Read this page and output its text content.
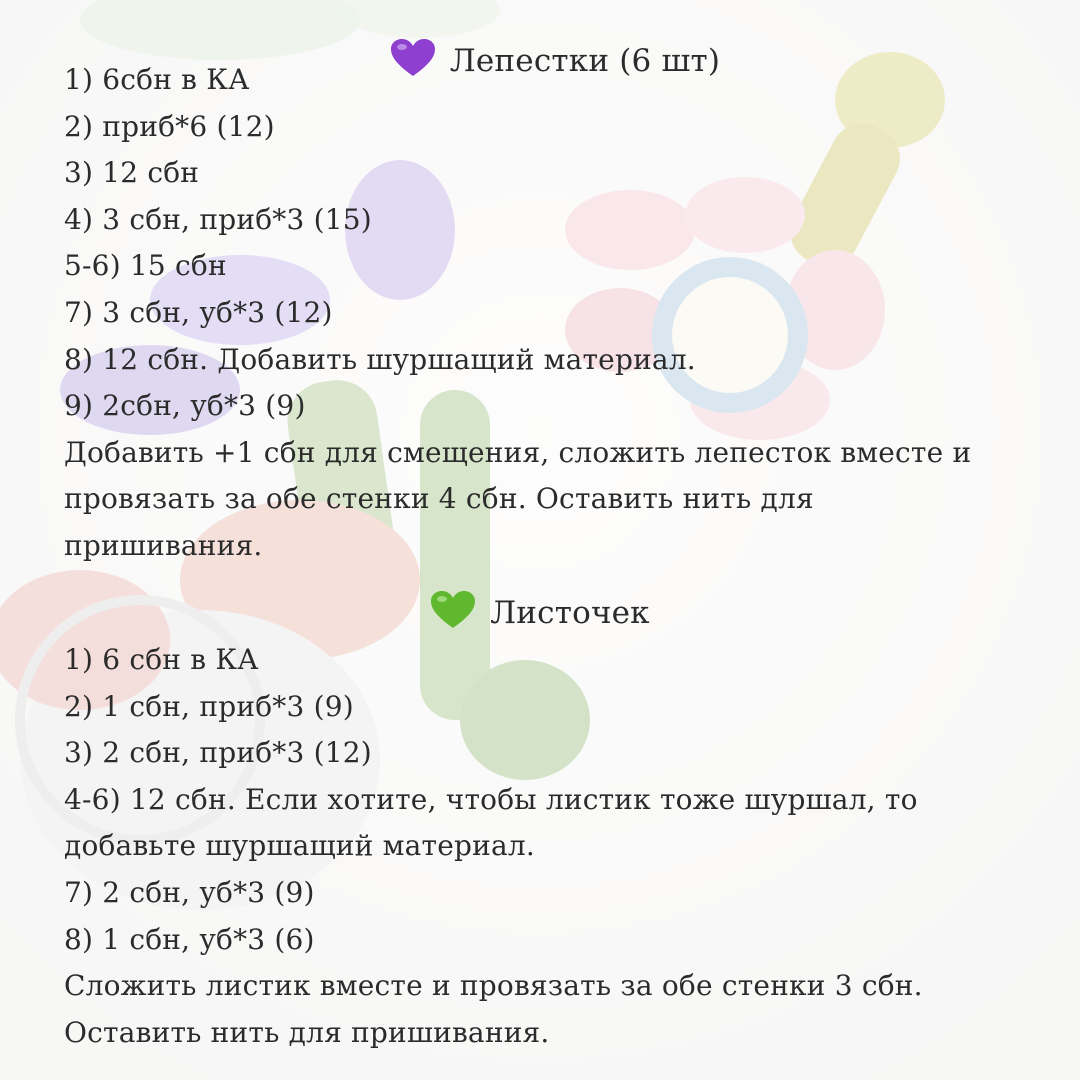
Лепестки (6 шт)
1) 6сбн в КА
2) приб*6 (12)
3) 12 сбн
4) 3 сбн, приб*3 (15)
5-6) 15 сбн
7) 3 сбн, уб*3 (12)
8) 12 сбн. Добавить шуршащий материал.
9) 2сбн, уб*3 (9)
Добавить +1 сбн для смещения, сложить лепесток вместе и
провязать за обе стенки 4 сбн. Оставить нить для
пришивания.
Листочек
1) 6 сбн в КА
2) 1 сбн, приб*3 (9)
3) 2 сбн, приб*3 (12)
4-6) 12 сбн. Если хотите, чтобы листик тоже шуршал, то
добавьте шуршащий материал.
7) 2 сбн, уб*3 (9)
8) 1 сбн, уб*3 (6)
Сложить листик вместе и провязать за обе стенки 3 сбн.
Оставить нить для пришивания.
